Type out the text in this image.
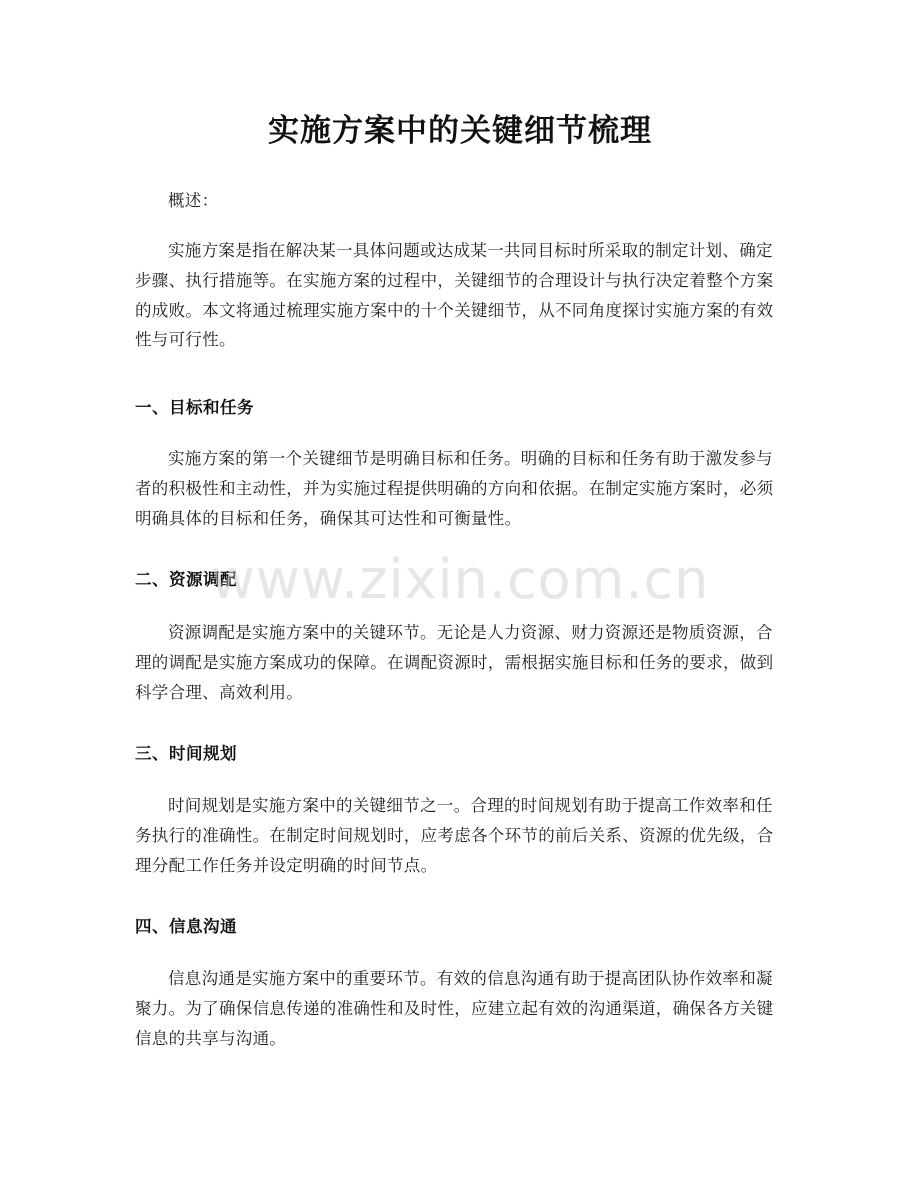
实施方案中的关键细节梳理

概述：

实施方案是指在解决某一具体问题或达成某一共同目标时所采取的制定计划、确定步骤、执行措施等。在实施方案的过程中，关键细节的合理设计与执行决定着整个方案的成败。本文将通过梳理实施方案中的十个关键细节，从不同角度探讨实施方案的有效性与可行性。

一、目标和任务

实施方案的第一个关键细节是明确目标和任务。明确的目标和任务有助于激发参与者的积极性和主动性，并为实施过程提供明确的方向和依据。在制定实施方案时，必须明确具体的目标和任务，确保其可达性和可衡量性。

二、资源调配

资源调配是实施方案中的关键环节。无论是人力资源、财力资源还是物质资源，合理的调配是实施方案成功的保障。在调配资源时，需根据实施目标和任务的要求，做到科学合理、高效利用。

三、时间规划

时间规划是实施方案中的关键细节之一。合理的时间规划有助于提高工作效率和任务执行的准确性。在制定时间规划时，应考虑各个环节的前后关系、资源的优先级，合理分配工作任务并设定明确的时间节点。

四、信息沟通

信息沟通是实施方案中的重要环节。有效的信息沟通有助于提高团队协作效率和凝聚力。为了确保信息传递的准确性和及时性，应建立起有效的沟通渠道，确保各方关键信息的共享与沟通。

www.zixin.com.cn
